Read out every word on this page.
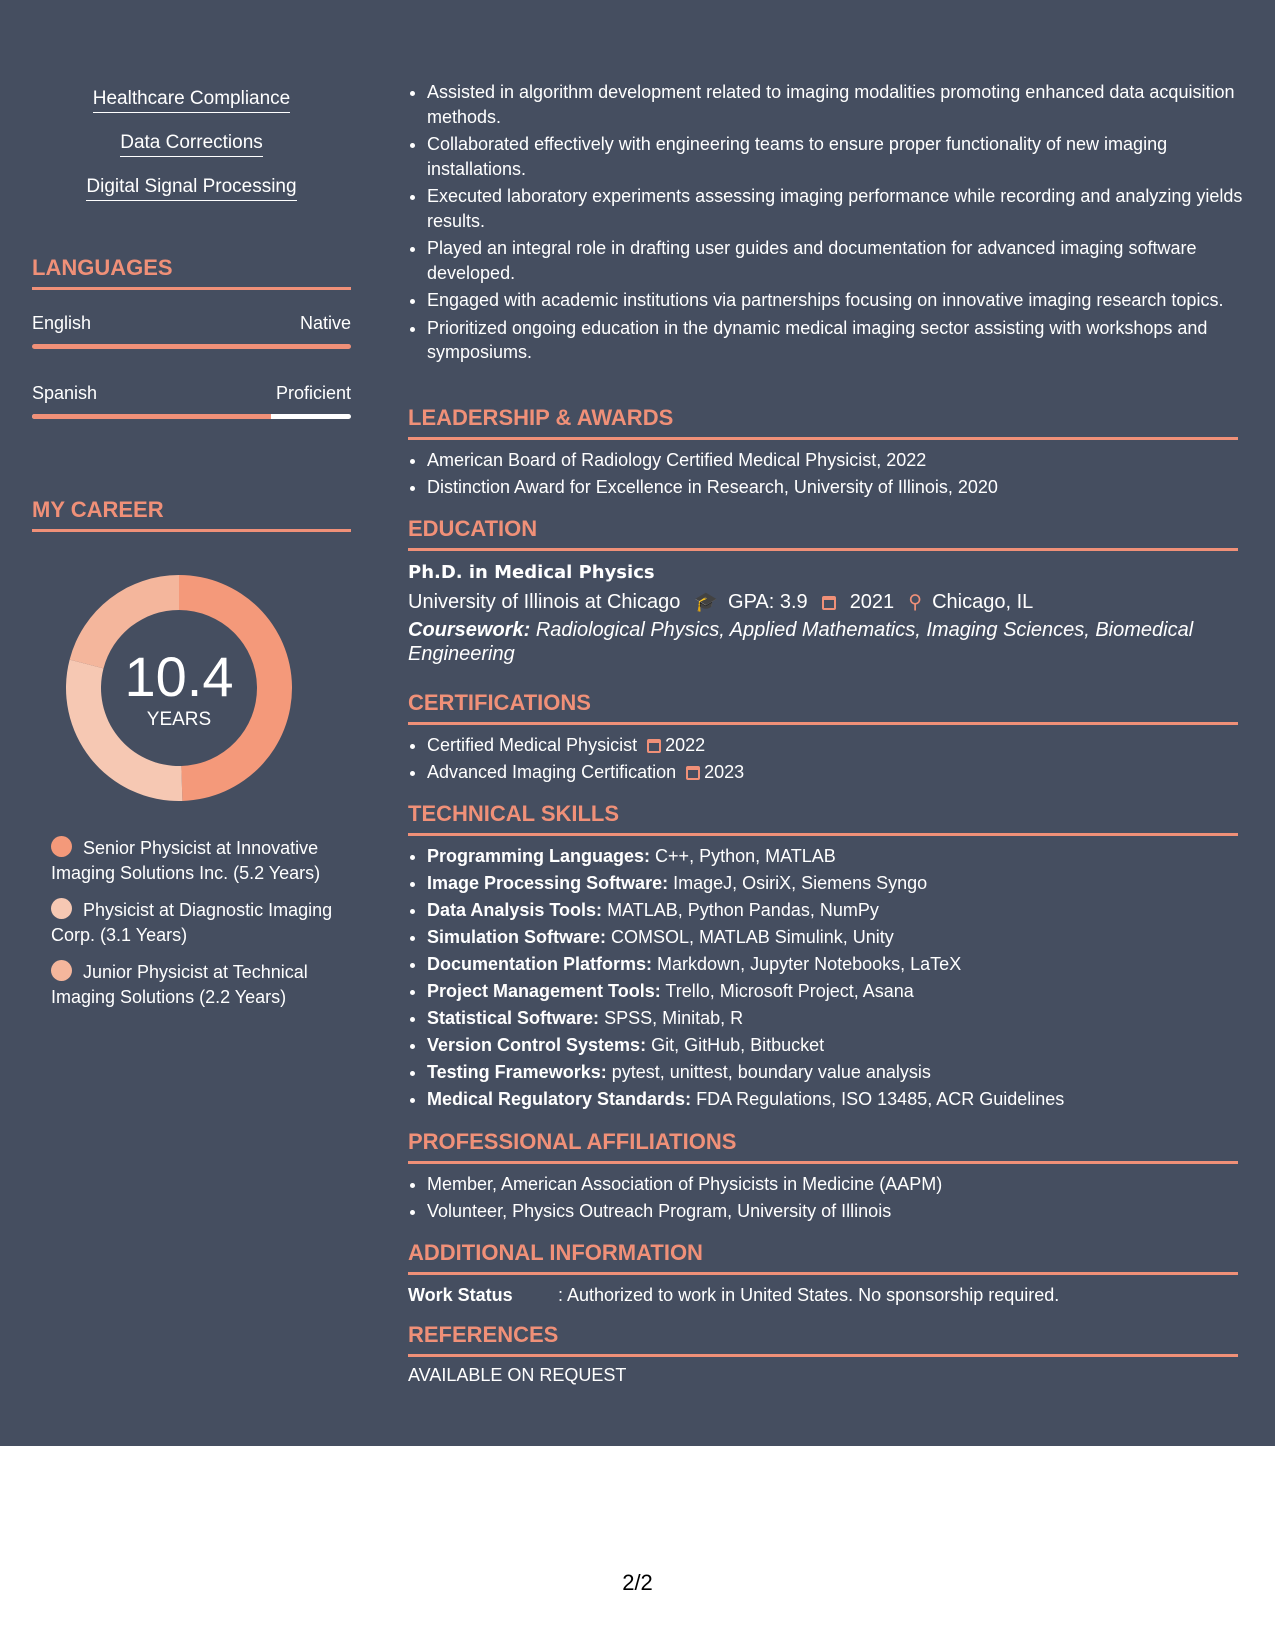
Healthcare Compliance
Data Corrections
Digital Signal Processing
LANGUAGES
English	Native
Spanish	Proficient
MY CAREER
10.4
YEARS
Senior Physicist at Innovative Imaging Solutions Inc. (5.2 Years)
Physicist at Diagnostic Imaging Corp. (3.1 Years)
Junior Physicist at Technical Imaging Solutions (2.2 Years)
• Assisted in algorithm development related to imaging modalities promoting enhanced data acquisition methods.
• Collaborated effectively with engineering teams to ensure proper functionality of new imaging installations.
• Executed laboratory experiments assessing imaging performance while recording and analyzing yields results.
• Played an integral role in drafting user guides and documentation for advanced imaging software developed.
• Engaged with academic institutions via partnerships focusing on innovative imaging research topics.
• Prioritized ongoing education in the dynamic medical imaging sector assisting with workshops and symposiums.
LEADERSHIP & AWARDS
• American Board of Radiology Certified Medical Physicist, 2022
• Distinction Award for Excellence in Research, University of Illinois, 2020
EDUCATION
Ph.D. in Medical Physics
University of Illinois at Chicago 🎓 GPA: 3.9 2021 ⚲ Chicago, IL
Coursework: Radiological Physics, Applied Mathematics, Imaging Sciences, Biomedical Engineering
CERTIFICATIONS
• Certified Medical Physicist 2022
• Advanced Imaging Certification 2023
TECHNICAL SKILLS
• Programming Languages: C++, Python, MATLAB
• Image Processing Software: ImageJ, OsiriX, Siemens Syngo
• Data Analysis Tools: MATLAB, Python Pandas, NumPy
• Simulation Software: COMSOL, MATLAB Simulink, Unity
• Documentation Platforms: Markdown, Jupyter Notebooks, LaTeX
• Project Management Tools: Trello, Microsoft Project, Asana
• Statistical Software: SPSS, Minitab, R
• Version Control Systems: Git, GitHub, Bitbucket
• Testing Frameworks: pytest, unittest, boundary value analysis
• Medical Regulatory Standards: FDA Regulations, ISO 13485, ACR Guidelines
PROFESSIONAL AFFILIATIONS
• Member, American Association of Physicists in Medicine (AAPM)
• Volunteer, Physics Outreach Program, University of Illinois
ADDITIONAL INFORMATION
Work Status	: Authorized to work in United States. No sponsorship required.
REFERENCES
AVAILABLE ON REQUEST
2/2
